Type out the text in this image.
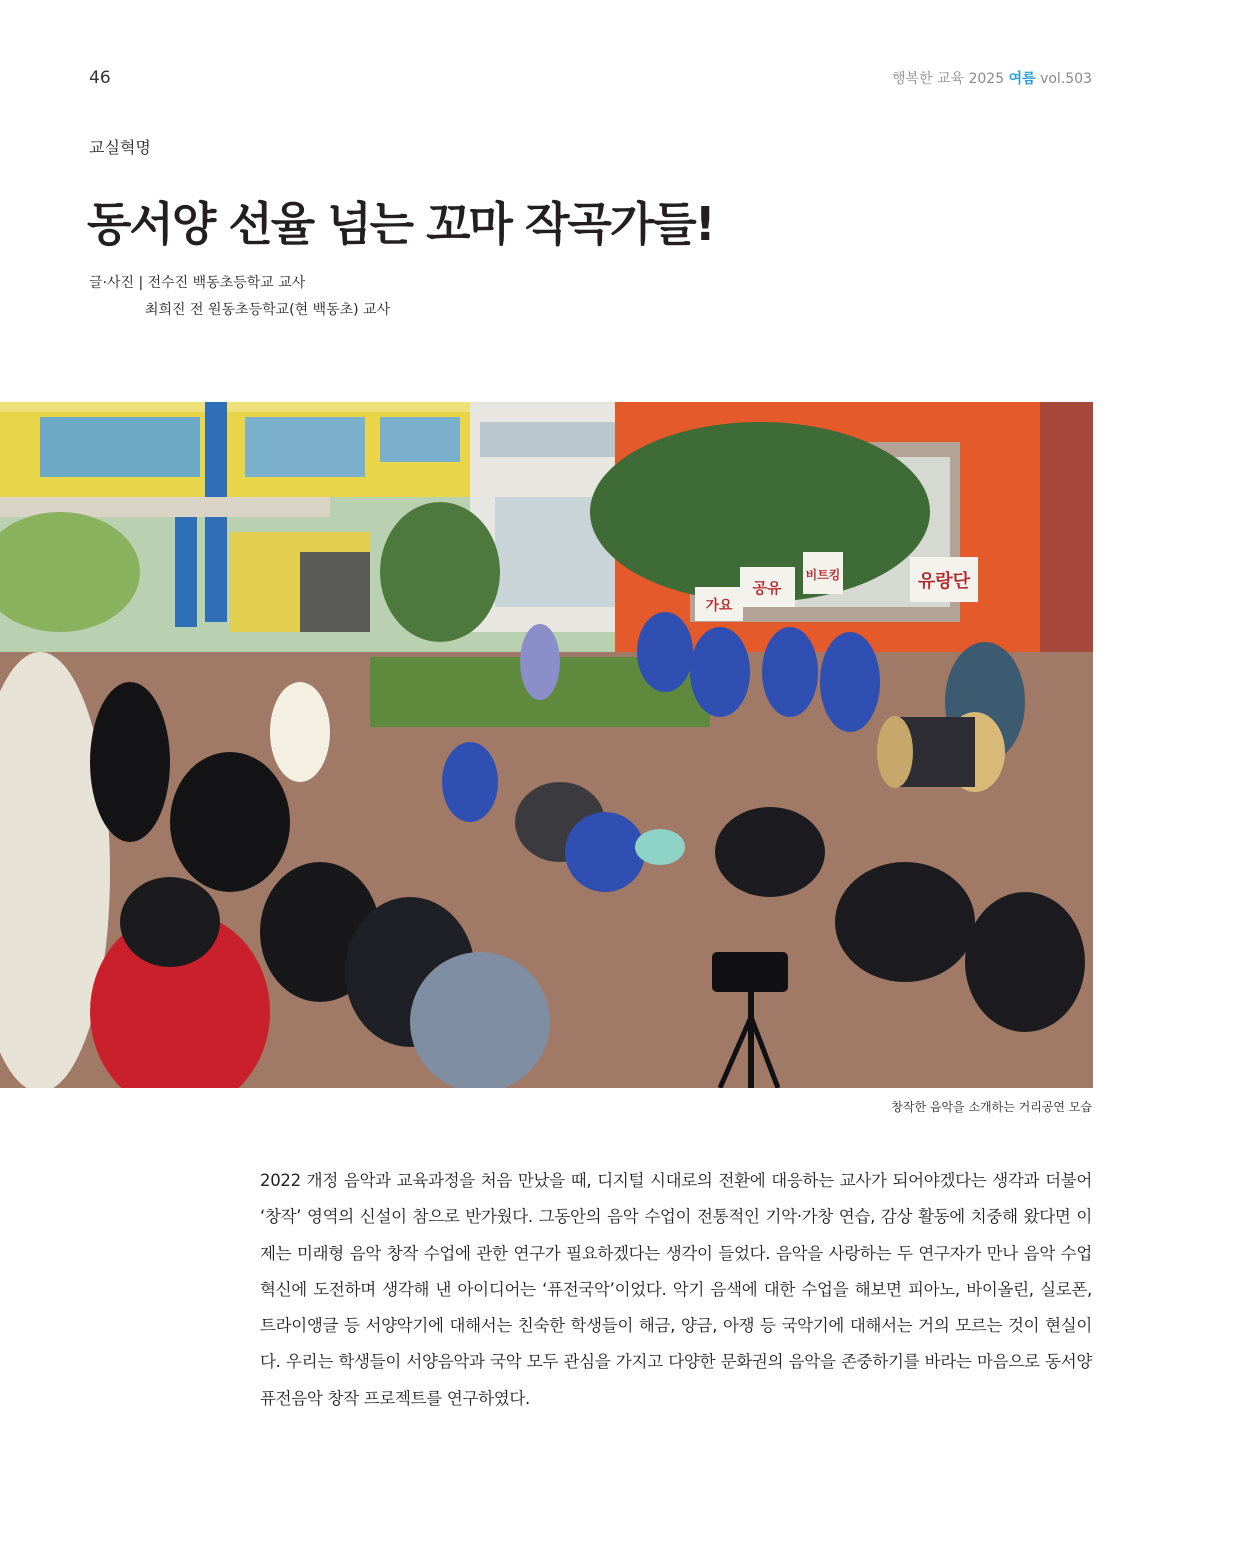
46	행복한 교육 2025 여름 vol.503
교실혁명
동서양 선율 넘는 꼬마 작곡가들!
글·사진 | 전수진 백동초등학교 교사
최희진 전 원동초등학교(현 백동초) 교사
가요
공유
비트킹	유랑단
창작한 음악을 소개하는 거리공연 모습

2022 개정 음악과 교육과정을 처음 만났을 때, 디지털 시대로의 전환에 대응하는 교사가 되어야겠다는 생각과 더불어 ‘창작’ 영역의 신설이 참으로 반가웠다. 그동안의 음악 수업이 전통적인 기악·가창 연습, 감상 활동에 치중해 왔다면 이제는 미래형 음악 창작 수업에 관한 연구가 필요하겠다는 생각이 들었다. 음악을 사랑하는 두 연구자가 만나 음악 수업 혁신에 도전하며 생각해 낸 아이디어는 ‘퓨전국악’이었다. 악기 음색에 대한 수업을 해보면 피아노, 바이올린, 실로폰, 트라이앵글 등 서양악기에 대해서는 친숙한 학생들이 해금, 양금, 아쟁 등 국악기에 대해서는 거의 모르는 것이 현실이다. 우리는 학생들이 서양음악과 국악 모두 관심을 가지고 다양한 문화권의 음악을 존중하기를 바라는 마음으로 동서양 퓨전음악 창작 프로젝트를 연구하였다.
